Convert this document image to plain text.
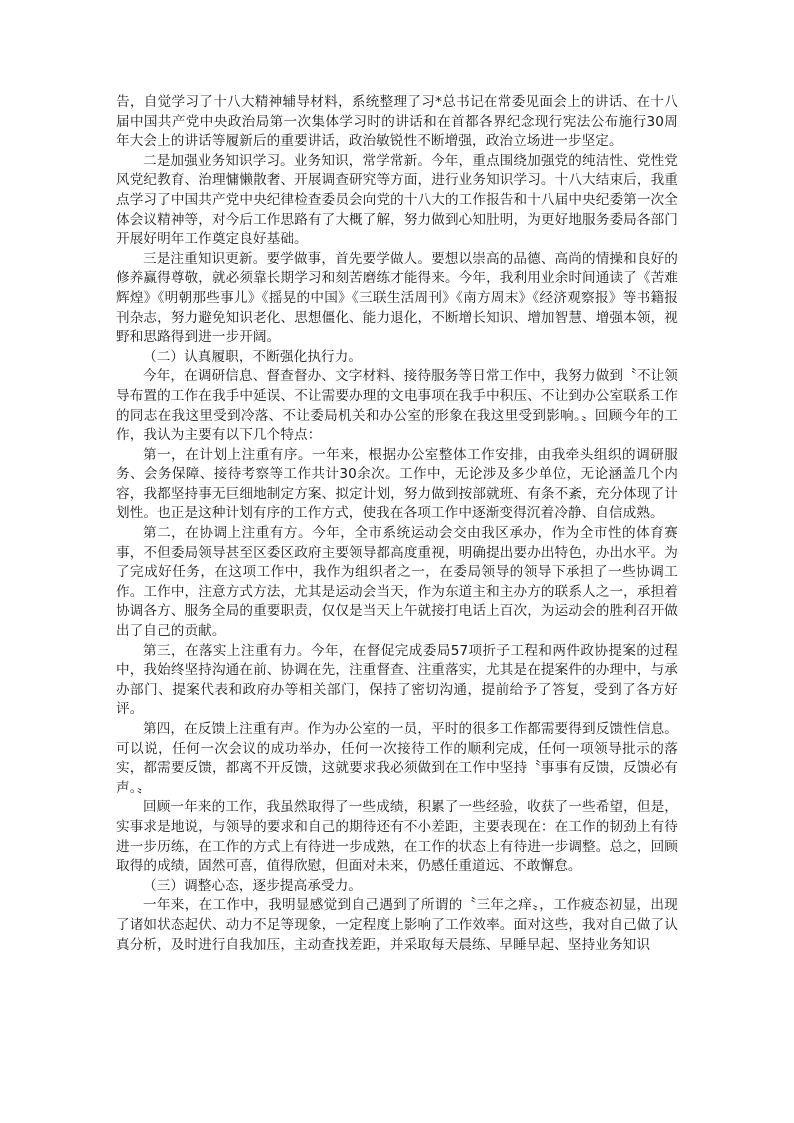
告，自觉学习了十八大精神辅导材料，系统整理了习*总书记在常委见面会上的讲话、在十八届中国共产党中央政治局第一次集体学习时的讲话和在首都各界纪念现行宪法公布施行30周年大会上的讲话等履新后的重要讲话，政治敏锐性不断增强，政治立场进一步坚定。

二是加强业务知识学习。业务知识，常学常新。今年，重点围绕加强党的纯洁性、党性党风党纪教育、治理慵懒散奢、开展调查研究等方面，进行业务知识学习。十八大结束后，我重点学习了中国共产党中央纪律检查委员会向党的十八大的工作报告和十八届中央纪委第一次全体会议精神等，对今后工作思路有了大概了解，努力做到心知肚明，为更好地服务委局各部门开展好明年工作奠定良好基础。

三是注重知识更新。要学做事，首先要学做人。要想以崇高的品德、高尚的情操和良好的修养赢得尊敬，就必须靠长期学习和刻苦磨练才能得来。今年，我利用业余时间通读了《苦难辉煌》《明朝那些事儿》《摇晃的中国》《三联生活周刊》《南方周末》《经济观察报》等书籍报刊杂志，努力避免知识老化、思想僵化、能力退化，不断增长知识、增加智慧、增强本领，视野和思路得到进一步开阔。

（二）认真履职，不断强化执行力。

今年，在调研信息、督查督办、文字材料、接待服务等日常工作中，我努力做到〝不让领导布置的工作在我手中延误、不让需要办理的文电事项在我手中积压、不让到办公室联系工作的同志在我这里受到冷落、不让委局机关和办公室的形象在我这里受到影响。〟回顾今年的工作，我认为主要有以下几个特点：

第一，在计划上注重有序。一年来，根据办公室整体工作安排，由我牵头组织的调研服务、会务保障、接待考察等工作共计30余次。工作中，无论涉及多少单位，无论涵盖几个内容，我都坚持事无巨细地制定方案、拟定计划，努力做到按部就班、有条不紊，充分体现了计划性。也正是这种计划有序的工作方式，使我在各项工作中逐渐变得沉着冷静、自信成熟。

第二，在协调上注重有方。今年，全市系统运动会交由我区承办，作为全市性的体育赛事，不但委局领导甚至区委区政府主要领导都高度重视，明确提出要办出特色，办出水平。为了完成好任务，在这项工作中，我作为组织者之一，在委局领导的领导下承担了一些协调工作。工作中，注意方式方法，尤其是运动会当天，作为东道主和主办方的联系人之一，承担着协调各方、服务全局的重要职责，仅仅是当天上午就接打电话上百次，为运动会的胜利召开做出了自己的贡献。

第三，在落实上注重有力。今年，在督促完成委局57项折子工程和两件政协提案的过程中，我始终坚持沟通在前、协调在先，注重督查、注重落实，尤其是在提案件的办理中，与承办部门、提案代表和政府办等相关部门，保持了密切沟通，提前给予了答复，受到了各方好评。

第四，在反馈上注重有声。作为办公室的一员，平时的很多工作都需要得到反馈性信息。可以说，任何一次会议的成功举办，任何一次接待工作的顺利完成，任何一项领导批示的落实，都需要反馈，都离不开反馈，这就要求我必须做到在工作中坚持〝事事有反馈，反馈必有声。〟

回顾一年来的工作，我虽然取得了一些成绩，积累了一些经验，收获了一些希望，但是，实事求是地说，与领导的要求和自己的期待还有不小差距，主要表现在：在工作的韧劲上有待进一步历练，在工作的方式上有待进一步成熟，在工作的状态上有待进一步调整。总之，回顾取得的成绩，固然可喜，值得欣慰，但面对未来，仍感任重道远、不敢懈怠。

（三）调整心态，逐步提高承受力。

一年来，在工作中，我明显感觉到自己遇到了所谓的〝三年之痒〟，工作疲态初显，出现了诸如状态起伏、动力不足等现象，一定程度上影响了工作效率。面对这些，我对自己做了认真分析，及时进行自我加压，主动查找差距，并采取每天晨练、早睡早起、坚持业务知识
